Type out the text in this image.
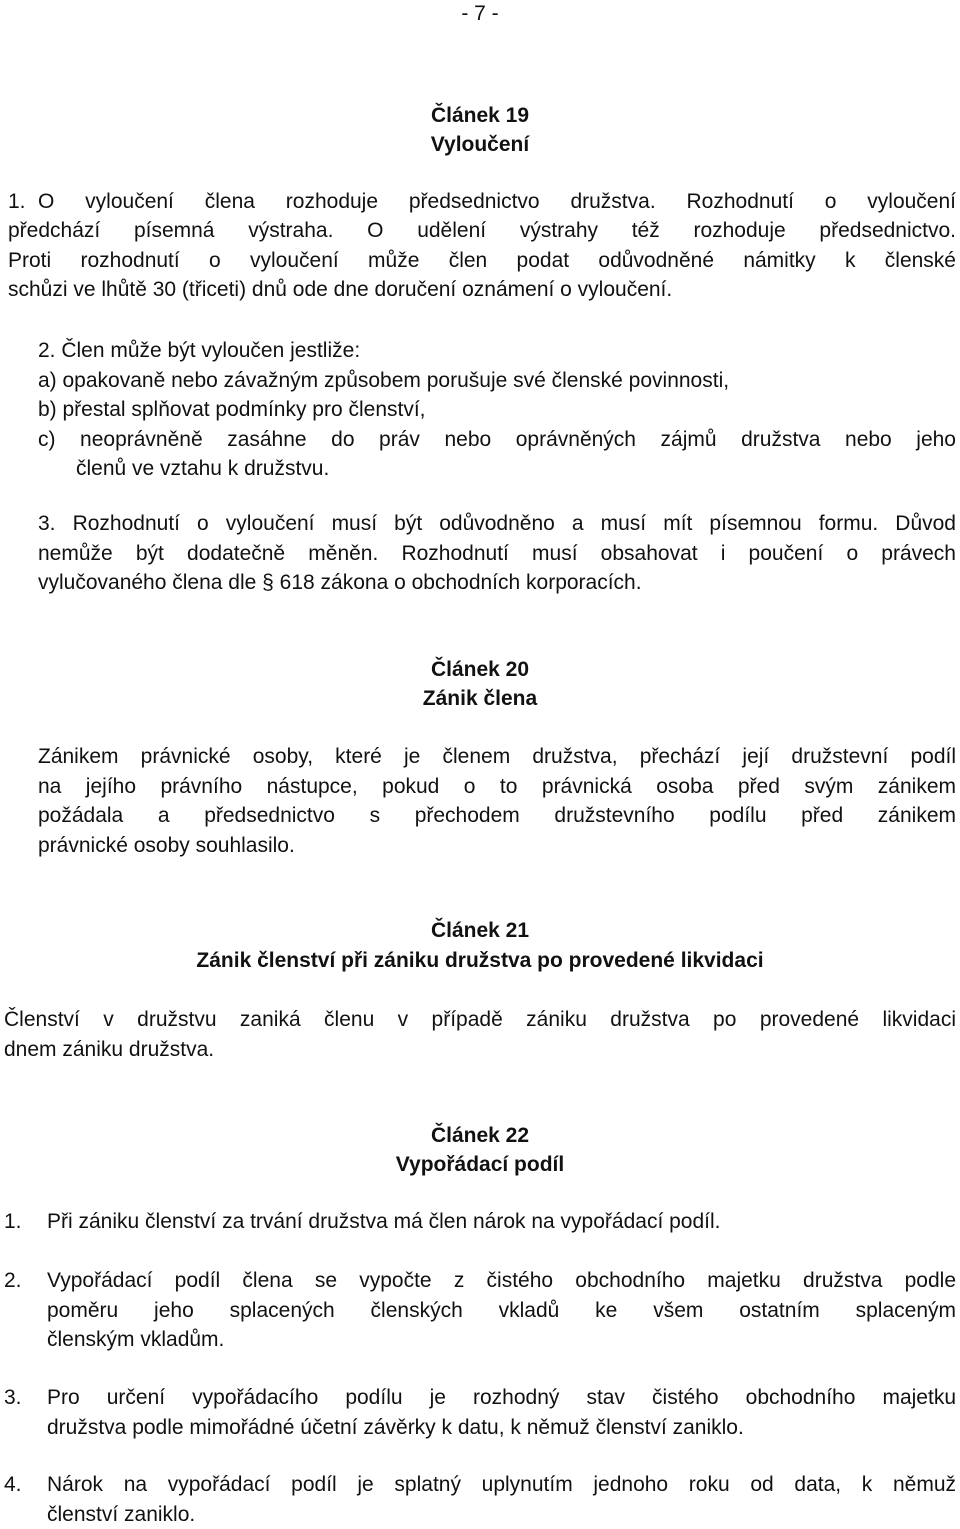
- 7 -
Článek 19
Vyloučení
1. O vyloučení člena rozhoduje předsednictvo družstva. Rozhodnutí o vyloučení
předchází písemná výstraha. O udělení výstrahy též rozhoduje předsednictvo.
Proti rozhodnutí o vyloučení může člen podat odůvodněné námitky k členské
schůzi ve lhůtě 30 (třiceti) dnů ode dne doručení oznámení o vyloučení.
2. Člen může být vyloučen jestliže:
a) opakovaně nebo závažným způsobem porušuje své členské povinnosti,
b) přestal splňovat podmínky pro členství,
c) neoprávněně zasáhne do práv nebo oprávněných zájmů družstva nebo jeho
členů ve vztahu k družstvu.
3. Rozhodnutí o vyloučení musí být odůvodněno a musí mít písemnou formu. Důvod
nemůže být dodatečně měněn. Rozhodnutí musí obsahovat i poučení o právech
vylučovaného člena dle § 618 zákona o obchodních korporacích.
Článek 20
Zánik člena
Zánikem právnické osoby, které je členem družstva, přechází její družstevní podíl
na jejího právního nástupce, pokud o to právnická osoba před svým zánikem
požádala a předsednictvo s přechodem družstevního podílu před zánikem
právnické osoby souhlasilo.
Článek 21
Zánik členství při zániku družstva po provedené likvidaci
Členství v družstvu zaniká členu v případě zániku družstva po provedené likvidaci
dnem zániku družstva.
Článek 22
Vypořádací podíl
1. Při zániku členství za trvání družstva má člen nárok na vypořádací podíl.
2. Vypořádací podíl člena se vypočte z čistého obchodního majetku družstva podle
poměru jeho splacených členských vkladů ke všem ostatním splaceným
členským vkladům.
3. Pro určení vypořádacího podílu je rozhodný stav čistého obchodního majetku
družstva podle mimořádné účetní závěrky k datu, k němuž členství zaniklo.
4. Nárok na vypořádací podíl je splatný uplynutím jednoho roku od data, k němuž
členství zaniklo.
